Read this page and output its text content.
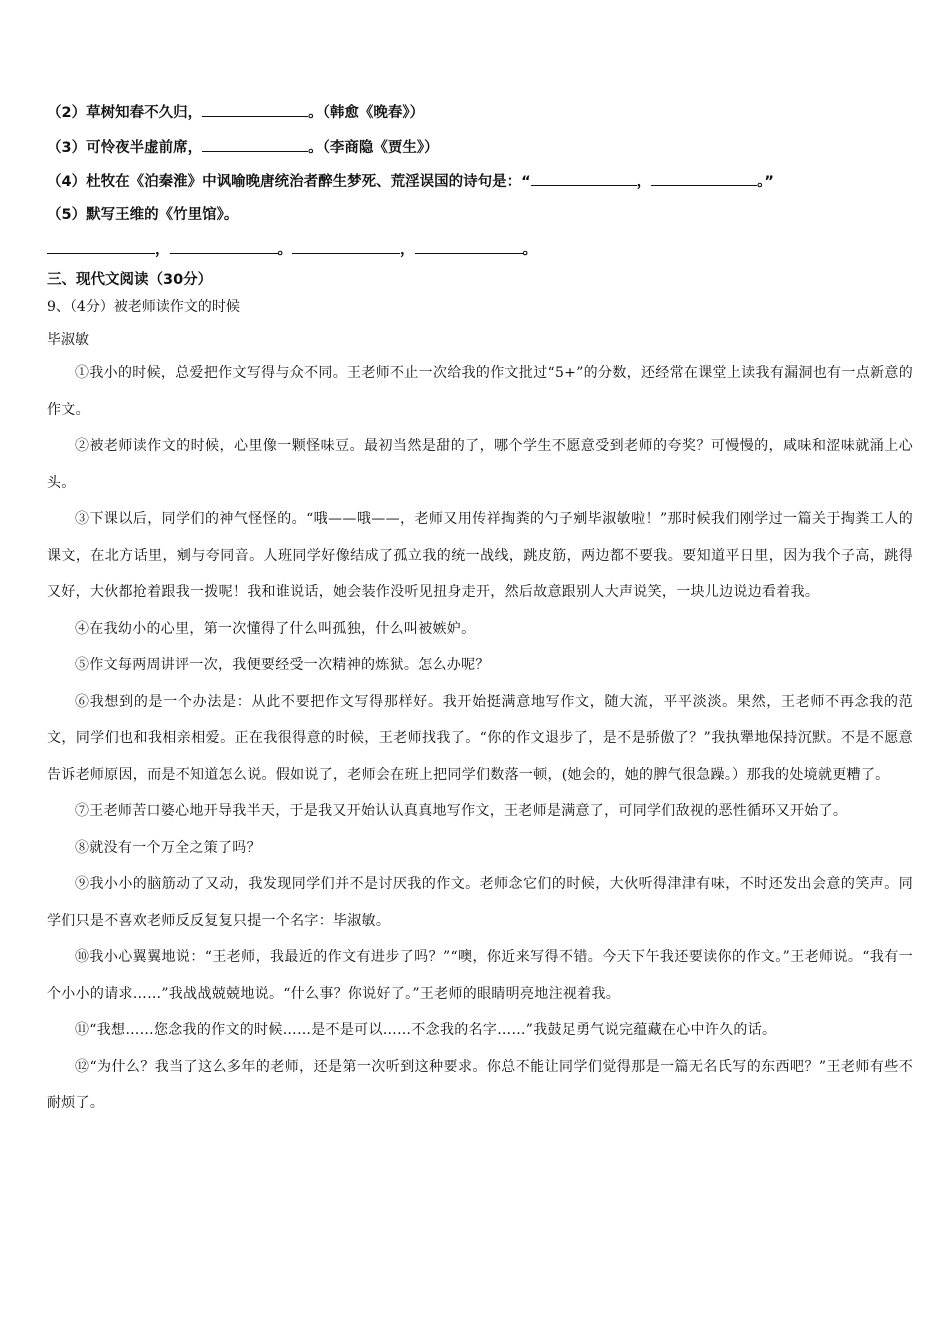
（2）草树知春不久归，	。（韩愈《晚春》）
（3）可怜夜半虚前席，	。（李商隐《贾生》）
（4）杜牧在《泊秦淮》中讽喻晚唐统治者醉生梦死、荒淫误国的诗句是：“	，	。”
（5）默写王维的《竹里馆》。
，	。	，	。
三、现代文阅读（30分）
9、（4分）被老师读作文的时候
毕淑敏

①我小的时候，总爱把作文写得与众不同。王老师不止一次给我的作文批过“5+”的分数，还经常在课堂上读我有漏洞也有一点新意的作文。

②被老师读作文的时候，心里像一颗怪味豆。最初当然是甜的了，哪个学生不愿意受到老师的夸奖？可慢慢的，咸味和涩味就涌上心头。

③下课以后，同学们的神气怪怪的。“哦——哦——，老师又用传祥掏粪的勺子剜毕淑敏啦！”那时候我们刚学过一篇关于掏粪工人的课文，在北方话里，剜与夸同音。人班同学好像结成了孤立我的统一战线，跳皮筋，两边都不要我。要知道平日里，因为我个子高，跳得又好，大伙都抢着跟我一拨呢！我和谁说话，她会装作没听见扭身走开，然后故意跟别人大声说笑，一块儿边说边看着我。

④在我幼小的心里，第一次懂得了什么叫孤独，什么叫被嫉妒。

⑤作文每两周讲评一次，我便要经受一次精神的炼狱。怎么办呢？

⑥我想到的是一个办法是：从此不要把作文写得那样好。我开始挺满意地写作文，随大流，平平淡淡。果然，王老师不再念我的范文，同学们也和我相亲相爱。正在我很得意的时候，王老师找我了。“你的作文退步了，是不是骄傲了？”我执犟地保持沉默。不是不愿意告诉老师原因，而是不知道怎么说。假如说了，老师会在班上把同学们数落一顿，(她会的，她的脾气很急躁。）那我的处境就更糟了。

⑦王老师苦口婆心地开导我半天，于是我又开始认认真真地写作文，王老师是满意了，可同学们敌视的恶性循环又开始了。

⑧就没有一个万全之策了吗？

⑨我小小的脑筋动了又动，我发现同学们并不是讨厌我的作文。老师念它们的时候，大伙听得津津有味，不时还发出会意的笑声。同学们只是不喜欢老师反反复复只提一个名字：毕淑敏。

⑩我小心翼翼地说：“王老师，我最近的作文有进步了吗？”“噢，你近来写得不错。今天下午我还要读你的作文。”王老师说。“我有一个小小的请求……”我战战兢兢地说。“什么事？你说好了。”王老师的眼睛明亮地注视着我。

⑪“我想……您念我的作文的时候……是不是可以……不念我的名字……”我鼓足勇气说完蕴藏在心中许久的话。

⑫“为什么？我当了这么多年的老师，还是第一次听到这种要求。你总不能让同学们觉得那是一篇无名氏写的东西吧？”王老师有些不耐烦了。
